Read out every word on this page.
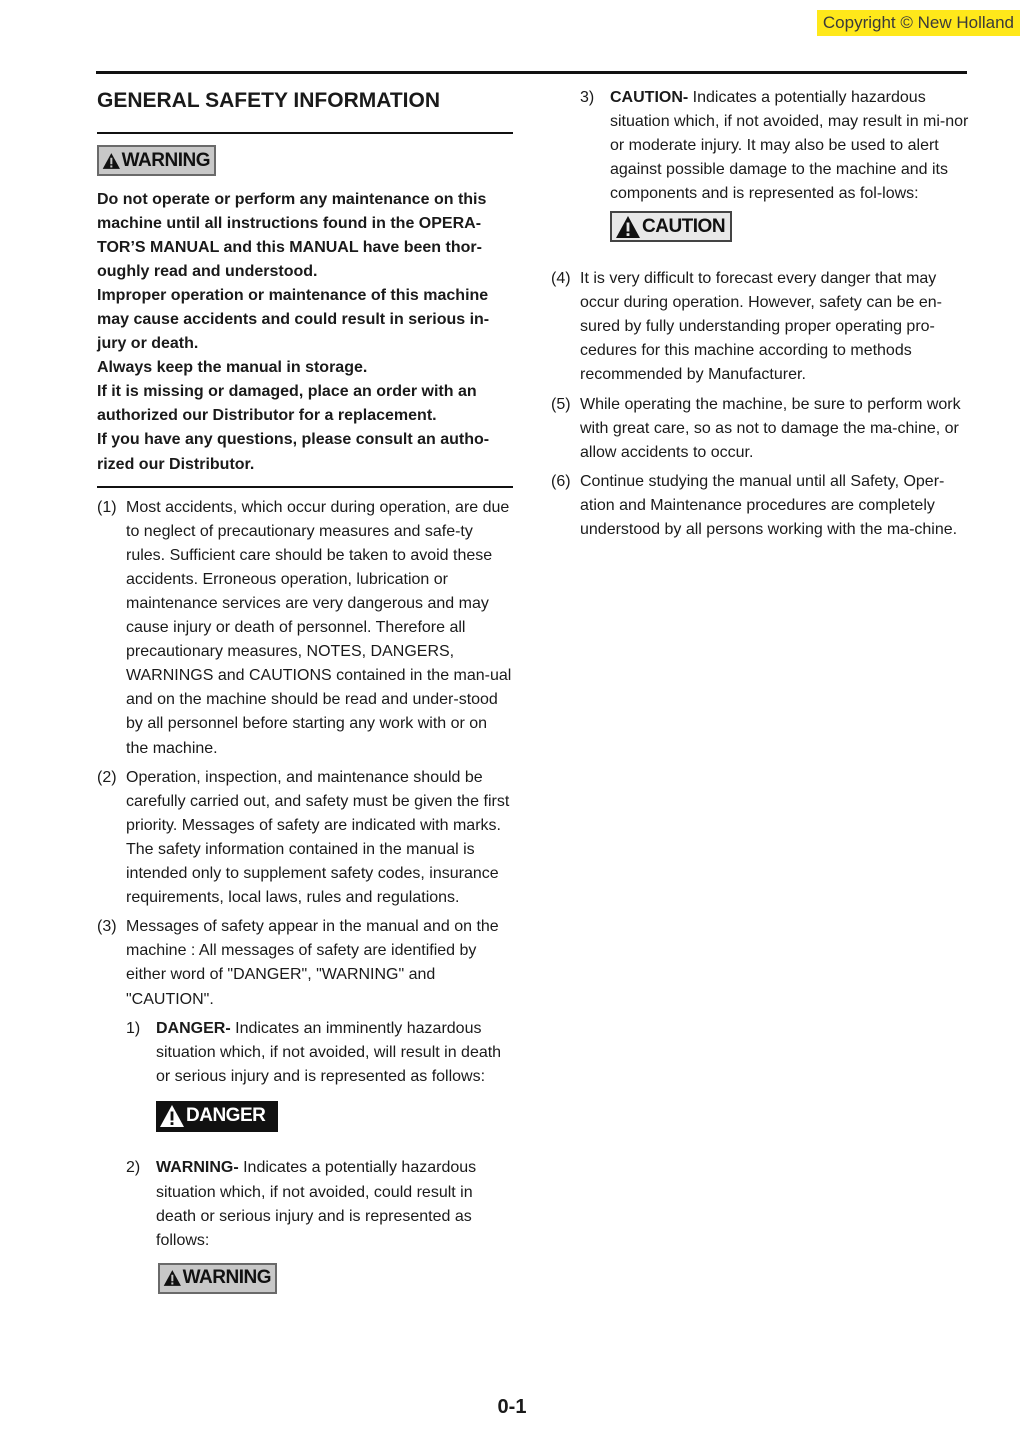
Copyright © New Holland
GENERAL SAFETY INFORMATION
WARNING

Do not operate or perform any maintenance on this machine until all instructions found in the OPERA-TOR’S MANUAL and this MANUAL have been thor-oughly read and understood.

Improper operation or maintenance of this machine may cause accidents and could result in serious in-jury or death.

Always keep the manual in storage.

If it is missing or damaged, place an order with an authorized our Distributor for a replacement.

If you have any questions, please consult an autho-rized our Distributor.

(1) Most accidents, which occur during operation, are due to neglect of precautionary measures and safe-ty rules. Sufficient care should be taken to avoid these accidents. Erroneous operation, lubrication or maintenance services are very dangerous and may cause injury or death of personnel. Therefore all precautionary measures, NOTES, DANGERS, WARNINGS and CAUTIONS contained in the man-ual and on the machine should be read and under-stood by all personnel before starting any work with or on the machine.
(2) Operation, inspection, and maintenance should be carefully carried out, and safety must be given the first priority. Messages of safety are indicated with marks. The safety information contained in the manual is intended only to supplement safety codes, insurance requirements, local laws, rules and regulations.
(3) Messages of safety appear in the manual and on the machine : All messages of safety are identified by either word of "DANGER", "WARNING" and "CAUTION".
1) DANGER- Indicates an imminently hazardous situation which, if not avoided, will result in death or serious injury and is represented as follows:
DANGER
2) WARNING- Indicates a potentially hazardous situation which, if not avoided, could result in death or serious injury and is represented as follows:
WARNING
3) CAUTION- Indicates a potentially hazardous situation which, if not avoided, may result in mi-nor or moderate injury. It may also be used to alert against possible damage to the machine and its components and is represented as fol-lows:
CAUTION
(4) It is very difficult to forecast every danger that may occur during operation. However, safety can be en-sured by fully understanding proper operating pro-cedures for this machine according to methods recommended by Manufacturer.
(5) While operating the machine, be sure to perform work with great care, so as not to damage the ma-chine, or allow accidents to occur.
(6) Continue studying the manual until all Safety, Oper-ation and Maintenance procedures are completely understood by all persons working with the ma-chine.
0-1
